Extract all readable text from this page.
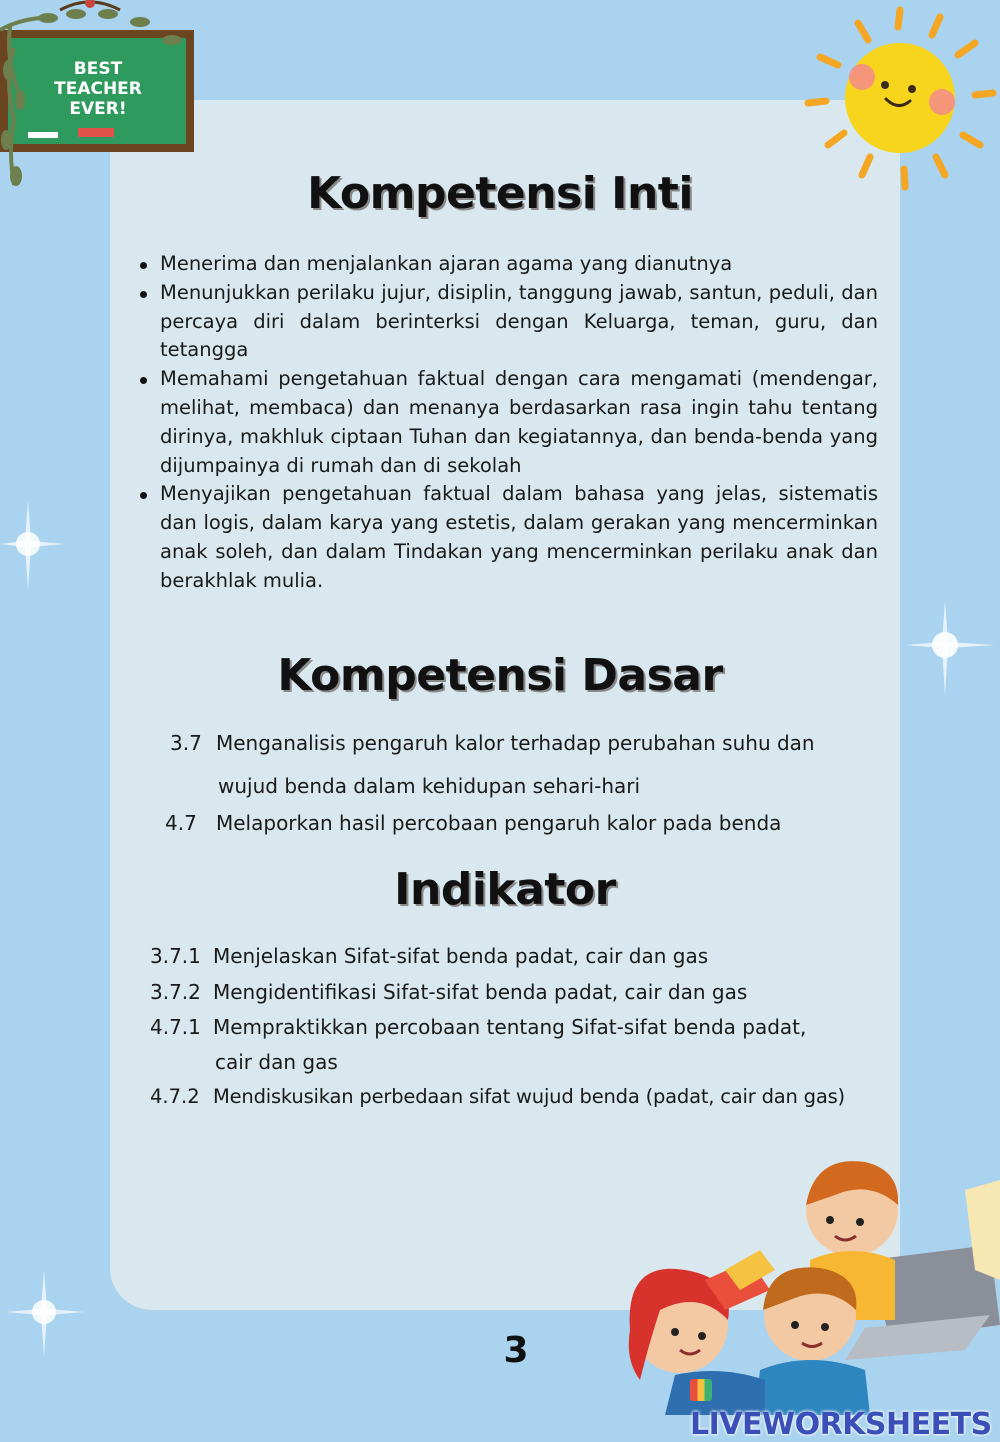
BEST
TEACHER
EVER!
Kompetensi Inti
Menerima dan menjalankan ajaran agama yang dianutnya
Menunjukkan perilaku jujur, disiplin, tanggung jawab, santun, peduli, dan percaya diri dalam berinterksi dengan Keluarga, teman, guru, dan tetangga
Memahami pengetahuan faktual dengan cara mengamati (mendengar, melihat, membaca) dan menanya berdasarkan rasa ingin tahu tentang dirinya, makhluk ciptaan Tuhan dan kegiatannya, dan benda-benda yang dijumpainya di rumah dan di sekolah
Menyajikan pengetahuan faktual dalam bahasa yang jelas, sistematis dan logis, dalam karya yang estetis, dalam gerakan yang mencerminkan anak soleh, dan dalam Tindakan yang mencerminkan perilaku anak dan berakhlak mulia.
Kompetensi Dasar
3.7 Menganalisis pengaruh kalor terhadap perubahan suhu dan
wujud benda dalam kehidupan sehari-hari
4.7 Melaporkan hasil percobaan pengaruh kalor pada benda
Indikator
3.7.1 Menjelaskan Sifat-sifat benda padat, cair dan gas
3.7.2 Mengidentifikasi Sifat-sifat benda padat, cair dan gas
4.7.1 Mempraktikkan percobaan tentang Sifat-sifat benda padat,
cair dan gas
4.7.2 Mendiskusikan perbedaan sifat wujud benda (padat, cair dan gas)
3
LIVEWORKSHEETS
